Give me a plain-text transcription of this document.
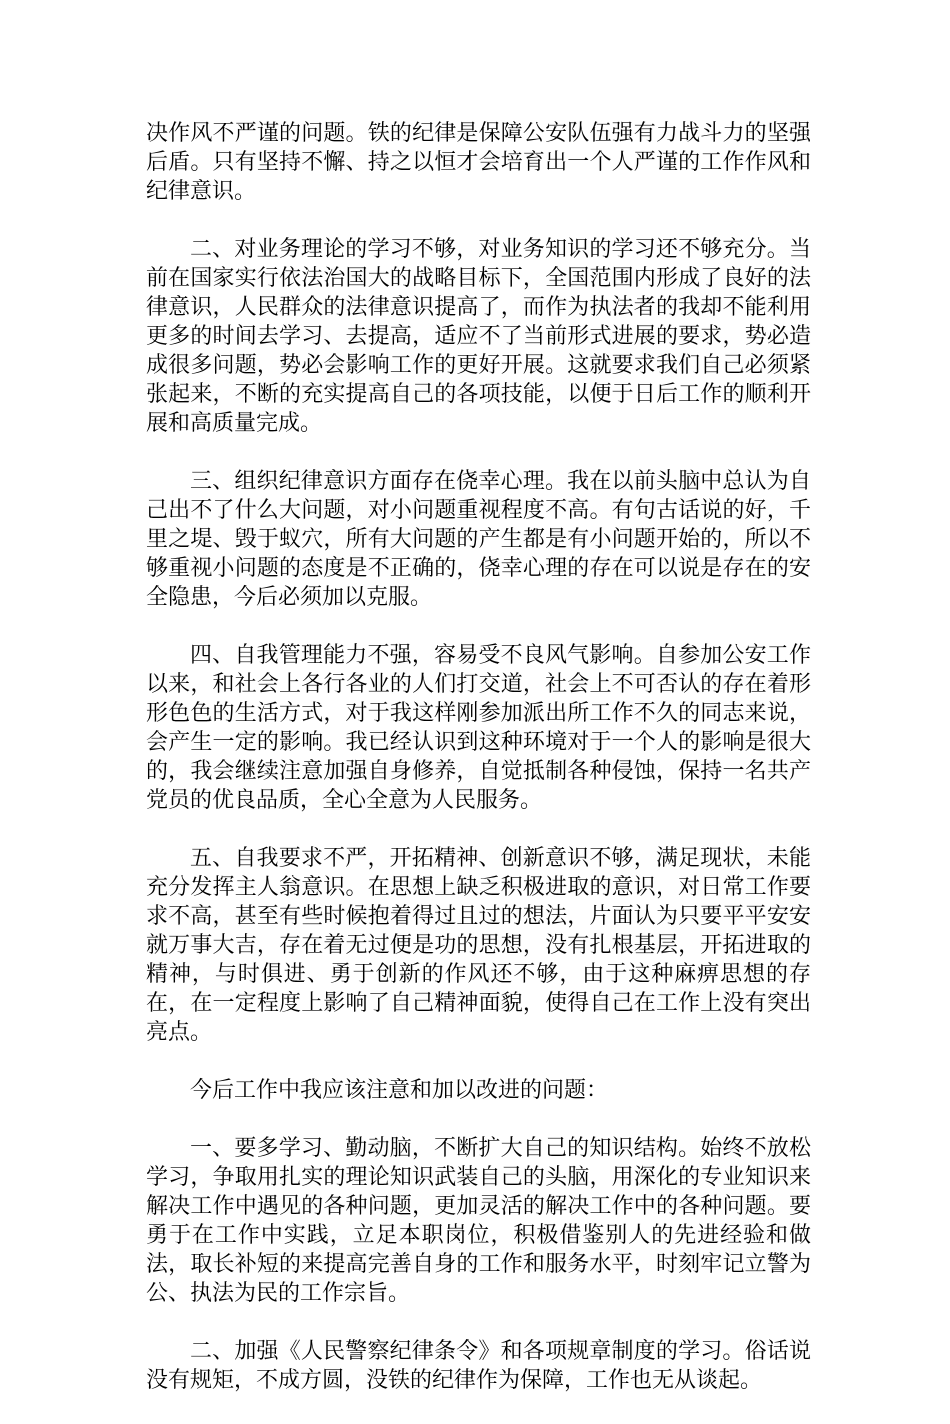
决作风不严谨的问题。铁的纪律是保障公安队伍强有力战斗力的坚强后盾。只有坚持不懈、持之以恒才会培育出一个人严谨的工作作风和纪律意识。

二、对业务理论的学习不够，对业务知识的学习还不够充分。当前在国家实行依法治国大的战略目标下，全国范围内形成了良好的法律意识，人民群众的法律意识提高了，而作为执法者的我却不能利用更多的时间去学习、去提高，适应不了当前形式进展的要求，势必造成很多问题，势必会影响工作的更好开展。这就要求我们自己必须紧张起来，不断的充实提高自己的各项技能，以便于日后工作的顺利开展和高质量完成。

三、组织纪律意识方面存在侥幸心理。我在以前头脑中总认为自己出不了什么大问题，对小问题重视程度不高。有句古话说的好，千里之堤、毁于蚁穴，所有大问题的产生都是有小问题开始的，所以不够重视小问题的态度是不正确的，侥幸心理的存在可以说是存在的安全隐患，今后必须加以克服。

四、自我管理能力不强，容易受不良风气影响。自参加公安工作以来，和社会上各行各业的人们打交道，社会上不可否认的存在着形形色色的生活方式，对于我这样刚参加派出所工作不久的同志来说，会产生一定的影响。我已经认识到这种环境对于一个人的影响是很大的，我会继续注意加强自身修养，自觉抵制各种侵蚀，保持一名共产党员的优良品质，全心全意为人民服务。

五、自我要求不严，开拓精神、创新意识不够，满足现状，未能充分发挥主人翁意识。在思想上缺乏积极进取的意识，对日常工作要求不高，甚至有些时候抱着得过且过的想法，片面认为只要平平安安就万事大吉，存在着无过便是功的思想，没有扎根基层，开拓进取的精神，与时俱进、勇于创新的作风还不够，由于这种麻痹思想的存在，在一定程度上影响了自己精神面貌，使得自己在工作上没有突出亮点。

今后工作中我应该注意和加以改进的问题：

一、要多学习、勤动脑，不断扩大自己的知识结构。始终不放松学习，争取用扎实的理论知识武装自己的头脑，用深化的专业知识来解决工作中遇见的各种问题，更加灵活的解决工作中的各种问题。要勇于在工作中实践，立足本职岗位，积极借鉴别人的先进经验和做法，取长补短的来提高完善自身的工作和服务水平，时刻牢记立警为公、执法为民的工作宗旨。

二、加强《人民警察纪律条令》和各项规章制度的学习。俗话说没有规矩，不成方圆，没铁的纪律作为保障，工作也无从谈起。
